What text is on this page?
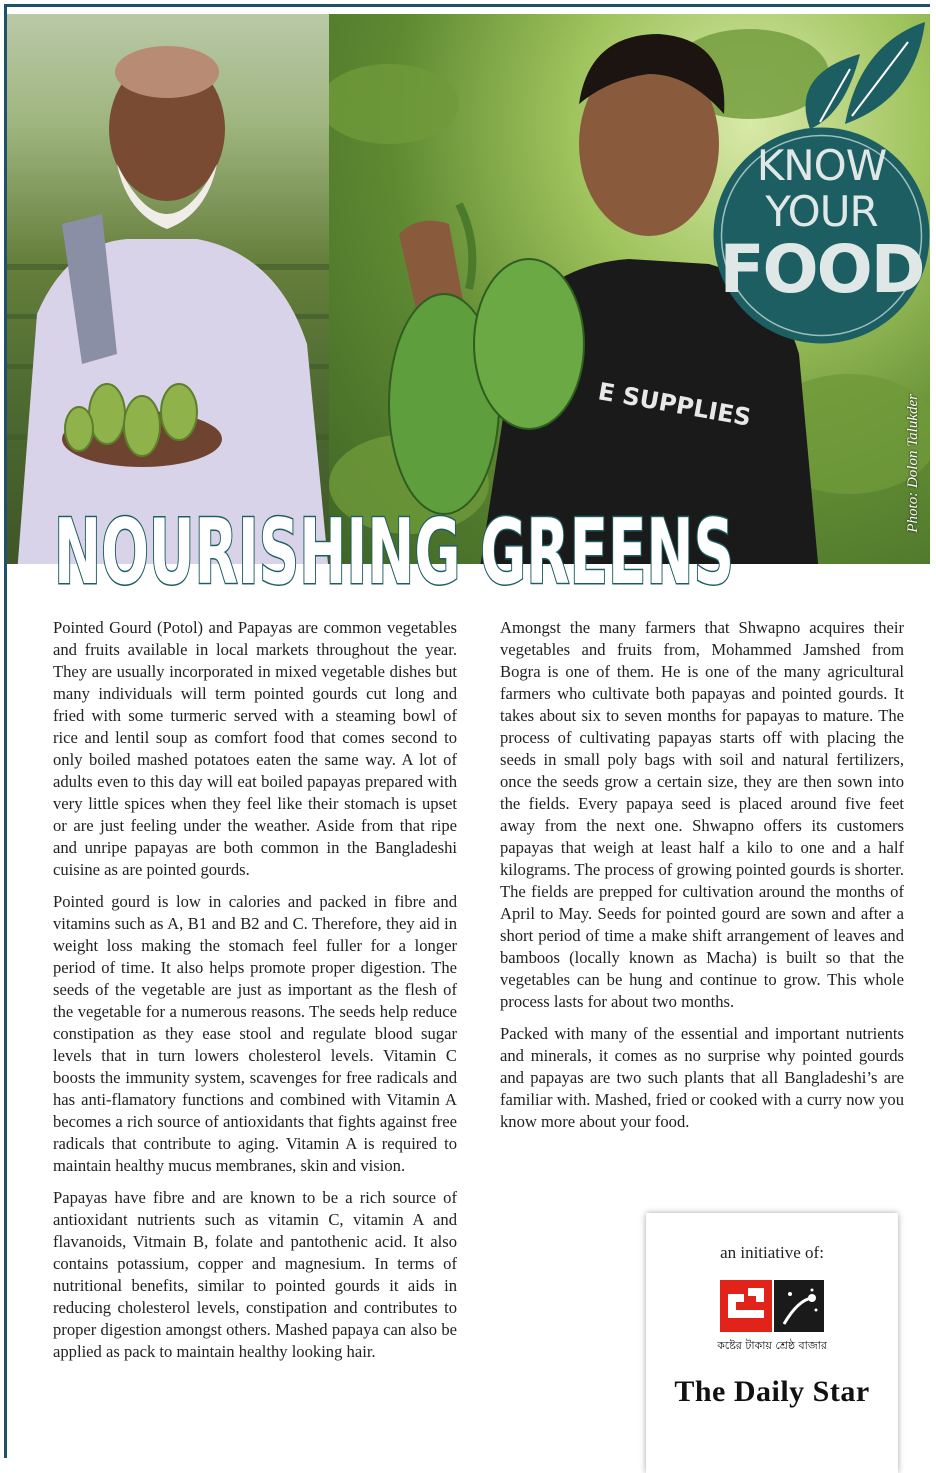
E SUPPLIES	Photo: Dolon Talukder
KNOW
YOUR
FOOD
NOURISHING GREENS

Pointed Gourd (Potol) and Papayas are common vegetables and fruits available in local markets throughout the year. They are usually incorporated in mixed vegetable dishes but many individuals will term pointed gourds cut long and fried with some turmeric served with a steaming bowl of rice and lentil soup as comfort food that comes second to only boiled mashed potatoes eaten the same way. A lot of adults even to this day will eat boiled papayas prepared with very little spices when they feel like their stomach is upset or are just feeling under the weather. Aside from that ripe and unripe papayas are both common in the Bangladeshi cuisine as are pointed gourds.

Pointed gourd is low in calories and packed in fibre and vitamins such as A, B1 and B2 and C. Therefore, they aid in weight loss making the stomach feel fuller for a longer period of time. It also helps promote proper digestion. The seeds of the vegetable are just as important as the flesh of the vegetable for a numerous reasons. The seeds help reduce constipation as they ease stool and regulate blood sugar levels that in turn lowers cholesterol levels. Vitamin C boosts the immunity system, scavenges for free radicals and has anti-flamatory functions and combined with Vitamin A becomes a rich source of antioxidants that fights against free radicals that contribute to aging. Vitamin A is required to maintain healthy mucus membranes, skin and vision.

Papayas have fibre and are known to be a rich source of antioxidant nutrients such as vitamin C, vitamin A and flavanoids, Vitmain B, folate and pantothenic acid. It also contains potassium, copper and magnesium. In terms of nutritional benefits, similar to pointed gourds it aids in reducing cholesterol levels, constipation and contributes to proper digestion amongst others. Mashed papaya can also be applied as pack to maintain healthy looking hair.

Amongst the many farmers that Shwapno acquires their vegetables and fruits from, Mohammed Jamshed from Bogra is one of them. He is one of the many agricultural farmers who cultivate both papayas and pointed gourds. It takes about six to seven months for papayas to mature. The process of cultivating papayas starts off with placing the seeds in small poly bags with soil and natural fertilizers, once the seeds grow a certain size, they are then sown into the fields. Every papaya seed is placed around five feet away from the next one. Shwapno offers its customers papayas that weigh at least half a kilo to one and a half kilograms. The process of growing pointed gourds is shorter. The fields are prepped for cultivation around the months of April to May. Seeds for pointed gourd are sown and after a short period of time a make shift arrangement of leaves and bamboos (locally known as Macha) is built so that the vegetables can be hung and continue to grow. This whole process lasts for about two months.

Packed with many of the essential and important nutrients and minerals, it comes as no surprise why pointed gourds and papayas are two such plants that all Bangladeshi’s are familiar with. Mashed, fried or cooked with a curry now you know more about your food.

an initiative of:
কষ্টের টাকায় শ্রেষ্ঠ বাজার
The Daily Star
